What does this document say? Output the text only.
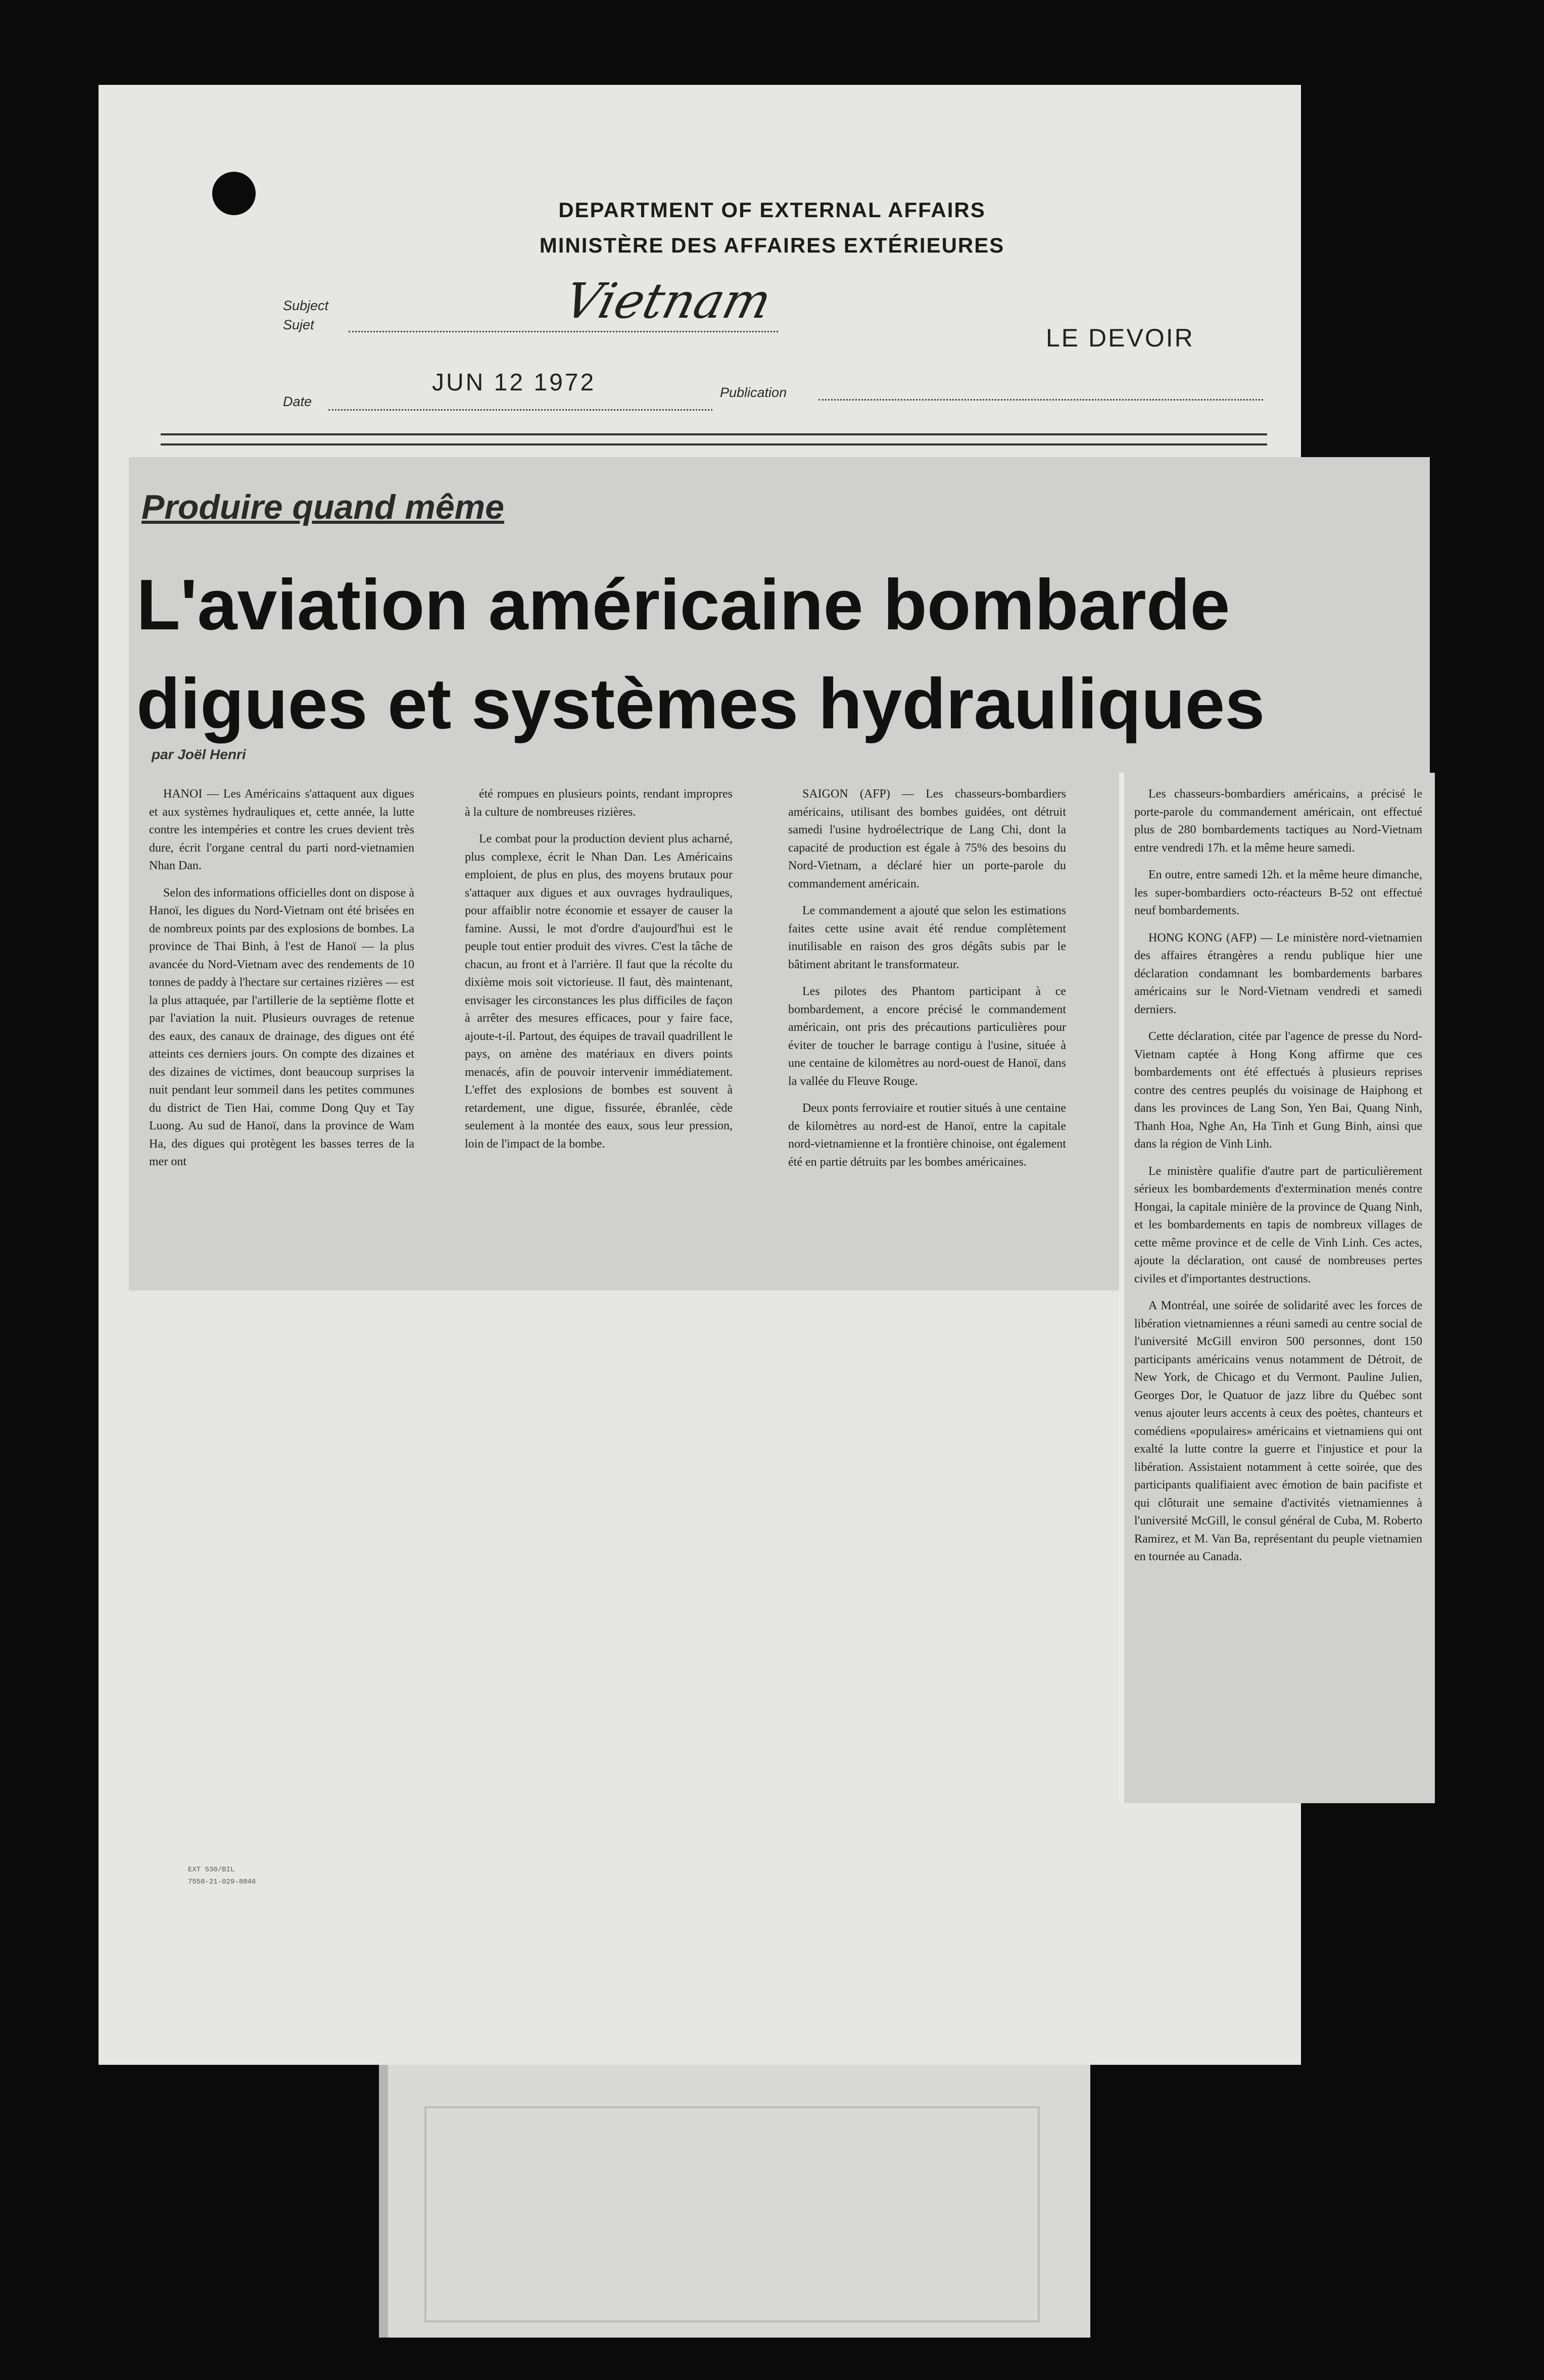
DEPARTMENT OF EXTERNAL AFFAIRS
MINISTÈRE DES AFFAIRES EXTÉRIEURES
Subject
Sujet	Vietnam
LE DEVOIR
Date
JUN 12 1972	Publication
EXT 530/BIL
7550-21-029-8046
Produire quand même
L'aviation américaine bombarde
digues et systèmes hydrauliques
par Joël Henri

HANOI — Les Américains s'attaquent aux digues et aux systèmes hydrauliques et, cette année, la lutte contre les intempéries et contre les crues devient très dure, écrit l'organe central du parti nord-vietnamien Nhan Dan.

Selon des informations officielles dont on dispose à Hanoï, les digues du Nord-Vietnam ont été brisées en de nombreux points par des explosions de bombes. La province de Thai Binh, à l'est de Hanoï — la plus avancée du Nord-Vietnam avec des rendements de 10 tonnes de paddy à l'hectare sur certaines rizières — est la plus attaquée, par l'artillerie de la septième flotte et par l'aviation la nuit. Plusieurs ouvrages de retenue des eaux, des canaux de drainage, des digues ont été atteints ces derniers jours. On compte des dizaines et des dizaines de victimes, dont beaucoup surprises la nuit pendant leur sommeil dans les petites communes du district de Tien Hai, comme Dong Quy et Tay Luong. Au sud de Hanoï, dans la province de Wam Ha, des digues qui protègent les basses terres de la mer ont

été rompues en plusieurs points, rendant impropres à la culture de nombreuses rizières.

Le combat pour la production devient plus acharné, plus complexe, écrit le Nhan Dan. Les Américains emploient, de plus en plus, des moyens brutaux pour s'attaquer aux digues et aux ouvrages hydrauliques, pour affaiblir notre économie et essayer de causer la famine. Aussi, le mot d'ordre d'aujourd'hui est le peuple tout entier produit des vivres. C'est la tâche de chacun, au front et à l'arrière. Il faut que la récolte du dixième mois soit victorieuse. Il faut, dès maintenant, envisager les circonstances les plus difficiles de façon à arrêter des mesures efficaces, pour y faire face, ajoute-t-il. Partout, des équipes de travail quadrillent le pays, on amène des matériaux en divers points menacés, afin de pouvoir intervenir immédiatement. L'effet des explosions de bombes est souvent à retardement, une digue, fissurée, ébranlée, cède seulement à la montée des eaux, sous leur pression, loin de l'impact de la bombe.

SAIGON (AFP) — Les chasseurs-bombardiers américains, utilisant des bombes guidées, ont détruit samedi l'usine hydroélectrique de Lang Chi, dont la capacité de production est égale à 75% des besoins du Nord-Vietnam, a déclaré hier un porte-parole du commandement américain.

Le commandement a ajouté que selon les estimations faites cette usine avait été rendue complètement inutilisable en raison des gros dégâts subis par le bâtiment abritant le transformateur.

Les pilotes des Phantom participant à ce bombardement, a encore précisé le commandement américain, ont pris des précautions particulières pour éviter de toucher le barrage contigu à l'usine, située à une centaine de kilomètres au nord-ouest de Hanoï, dans la vallée du Fleuve Rouge.

Deux ponts ferroviaire et routier situés à une centaine de kilomètres au nord-est de Hanoï, entre la capitale nord-vietnamienne et la frontière chinoise, ont également été en partie détruits par les bombes américaines.

Les chasseurs-bombardiers américains, a précisé le porte-parole du commandement américain, ont effectué plus de 280 bombardements tactiques au Nord-Vietnam entre vendredi 17h. et la même heure samedi.

En outre, entre samedi 12h. et la même heure dimanche, les super-bombardiers octo-réacteurs B-52 ont effectué neuf bombardements.

HONG KONG (AFP) — Le ministère nord-vietnamien des affaires étrangères a rendu publique hier une déclaration condamnant les bombardements barbares américains sur le Nord-Vietnam vendredi et samedi derniers.

Cette déclaration, citée par l'agence de presse du Nord-Vietnam captée à Hong Kong affirme que ces bombardements ont été effectués à plusieurs reprises contre des centres peuplés du voisinage de Haiphong et dans les provinces de Lang Son, Yen Bai, Quang Ninh, Thanh Hoa, Nghe An, Ha Tinh et Gung Binh, ainsi que dans la région de Vinh Linh.

Le ministère qualifie d'autre part de particulièrement sérieux les bombardements d'extermination menés contre Hongai, la capitale minière de la province de Quang Ninh, et les bombardements en tapis de nombreux villages de cette même province et de celle de Vinh Linh. Ces actes, ajoute la déclaration, ont causé de nombreuses pertes civiles et d'importantes destructions.

A Montréal, une soirée de solidarité avec les forces de libération vietnamiennes a réuni samedi au centre social de l'université McGill environ 500 personnes, dont 150 participants américains venus notamment de Détroit, de New York, de Chicago et du Vermont. Pauline Julien, Georges Dor, le Quatuor de jazz libre du Québec sont venus ajouter leurs accents à ceux des poètes, chanteurs et comédiens «populaires» américains et vietnamiens qui ont exalté la lutte contre la guerre et l'injustice et pour la libération. Assistaient notamment à cette soirée, que des participants qualifiaient avec émotion de bain pacifiste et qui clôturait une semaine d'activités vietnamiennes à l'université McGill, le consul général de Cuba, M. Roberto Ramirez, et M. Van Ba, représentant du peuple vietnamien en tournée au Canada.
